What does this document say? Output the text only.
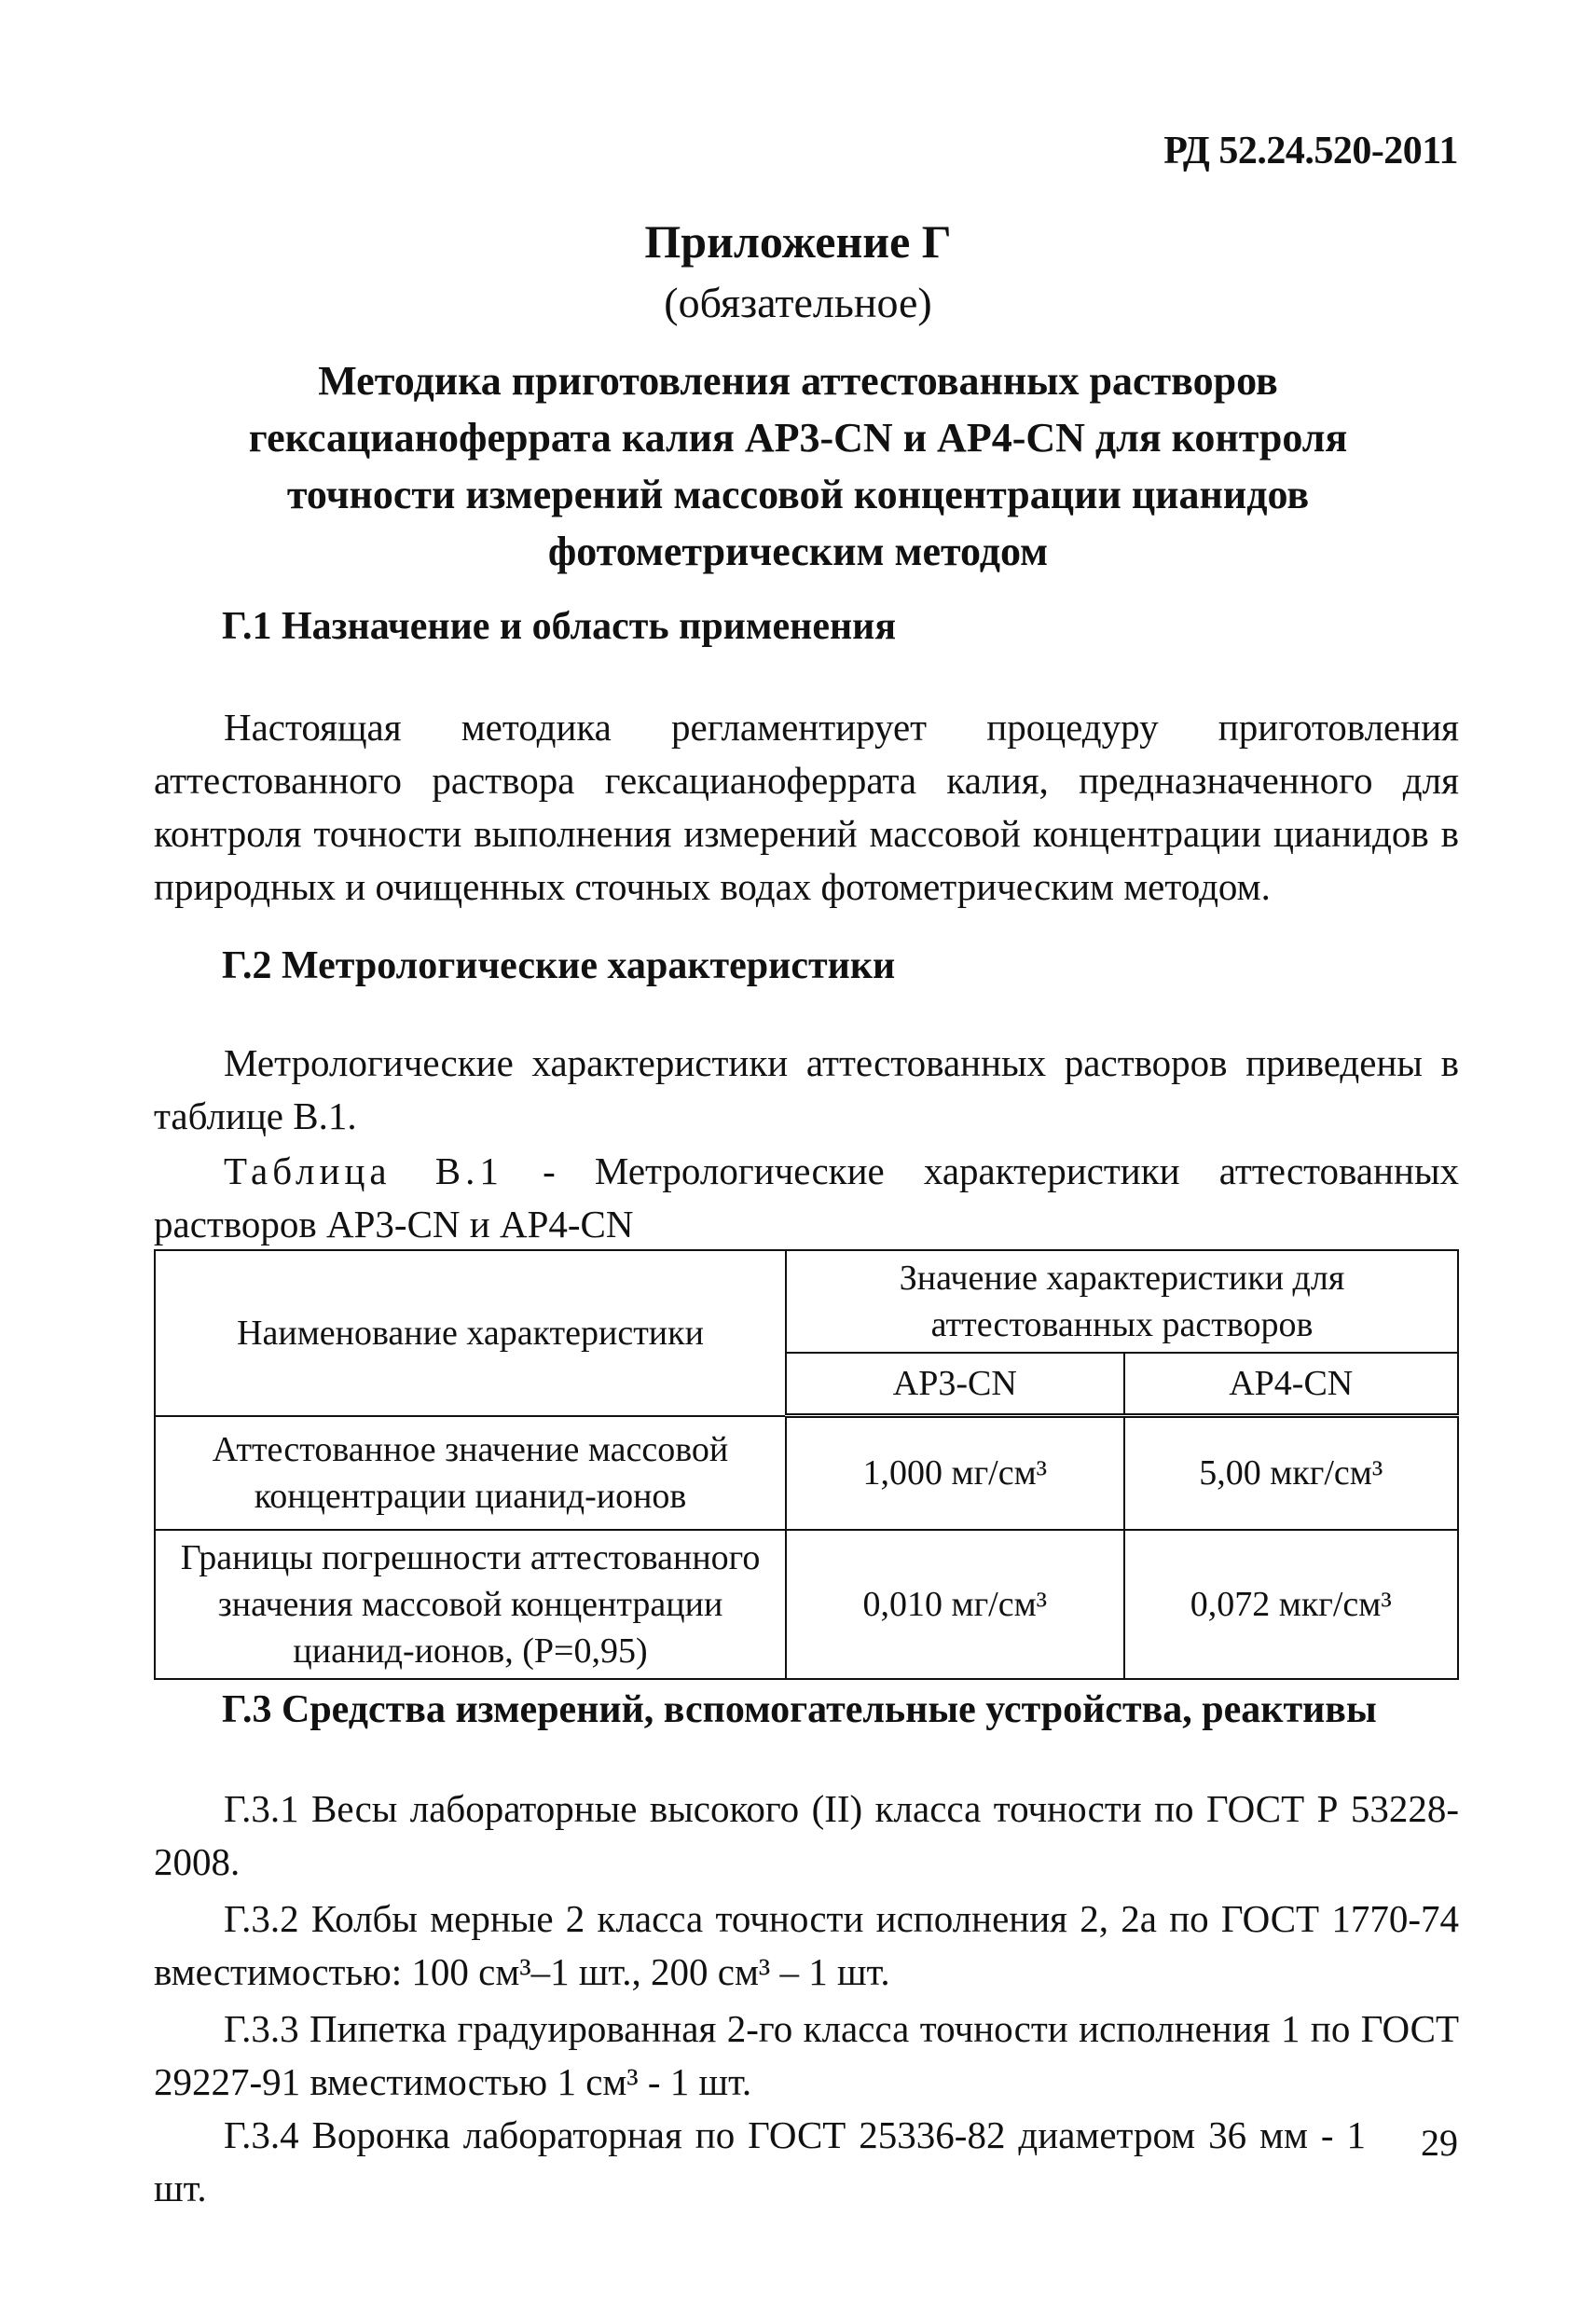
РД 52.24.520-2011
Приложение Г
(обязательное)
Методика приготовления аттестованных растворов гексацианоферрата калия АР3-CN и АР4-CN для контроля точности измерений массовой концентрации цианидов фотометрическим методом
Г.1 Назначение и область применения

Настоящая методика регламентирует процедуру приготовления аттестованного раствора гексацианоферрата калия, предназначенного для контроля точности выполнения измерений массовой концентрации цианидов в природных и очищенных сточных водах фотометрическим методом.

Г.2 Метрологические характеристики

Метрологические характеристики аттестованных растворов приведены в таблице В.1.

Таблица В.1 - Метрологические характеристики аттестованных растворов АР3-CN и АР4-CN

Наименование характеристики	Значение характеристики для аттестованных растворов	
	АР3-CN	АР4-CN
Аттестованное значение массовой концентрации цианид-ионов	1,000 мг/см³	5,00 мкг/см³
Границы погрешности аттестованного значения массовой концентрации цианид-ионов, (Р=0,95)	0,010 мг/см³	0,072 мкг/см³
Г.3 Средства измерений, вспомогательные устройства, реактивы

Г.3.1 Весы лабораторные высокого (II) класса точности по ГОСТ Р 53228-2008.

Г.3.2 Колбы мерные 2 класса точности исполнения 2, 2а по ГОСТ 1770-74 вместимостью: 100 см³–1 шт., 200 см³ – 1 шт.

Г.3.3 Пипетка градуированная 2-го класса точности исполнения 1 по ГОСТ 29227-91 вместимостью 1 см³ - 1 шт.

Г.3.4 Воронка лабораторная по ГОСТ 25336-82 диаметром 36 мм - 1 шт.

29
